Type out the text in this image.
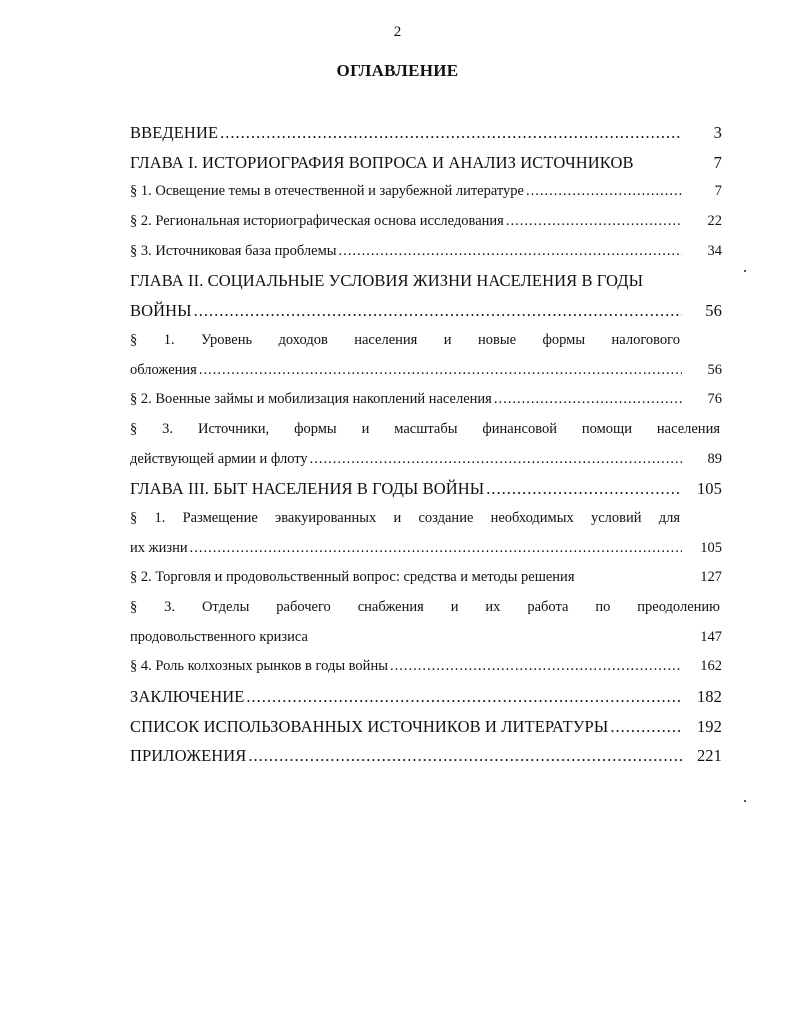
2
ОГЛАВЛЕНИЕ
ВВЕДЕНИЕ .....	3
ГЛАВА I. ИСТОРИОГРАФИЯ ВОПРОСА И АНАЛИЗ ИСТОЧНИКОВ	7
§ 1. Освещение темы в отечественной и зарубежной литературе .....	7
§ 2. Региональная историографическая основа исследования .....	22
§ 3. Источниковая база проблемы .....	34
ГЛАВА II. СОЦИАЛЬНЫЕ УСЛОВИЯ ЖИЗНИ НАСЕЛЕНИЯ В ГОДЫ
ВОЙНЫ .....	56
§ 1. Уровень доходов населения и новые формы налогового
обложения .....	56
§ 2. Военные займы и мобилизация накоплений населения .....	76
§ 3. Источники, формы и масштабы финансовой помощи населения
действующей армии и флоту .....	89
ГЛАВА III. БЫТ НАСЕЛЕНИЯ В ГОДЫ ВОЙНЫ .....	105
§ 1. Размещение эвакуированных и создание необходимых условий для
их жизни .....	105
§ 2. Торговля и продовольственный вопрос: средства и методы решения	127
§ 3. Отделы рабочего снабжения и их работа по преодолению
продовольственного кризиса	147
§ 4. Роль колхозных рынков в годы войны .....	162
ЗАКЛЮЧЕНИЕ .....	182
СПИСОК ИСПОЛЬЗОВАННЫХ ИСТОЧНИКОВ И ЛИТЕРАТУРЫ .....	192
ПРИЛОЖЕНИЯ .....	221
